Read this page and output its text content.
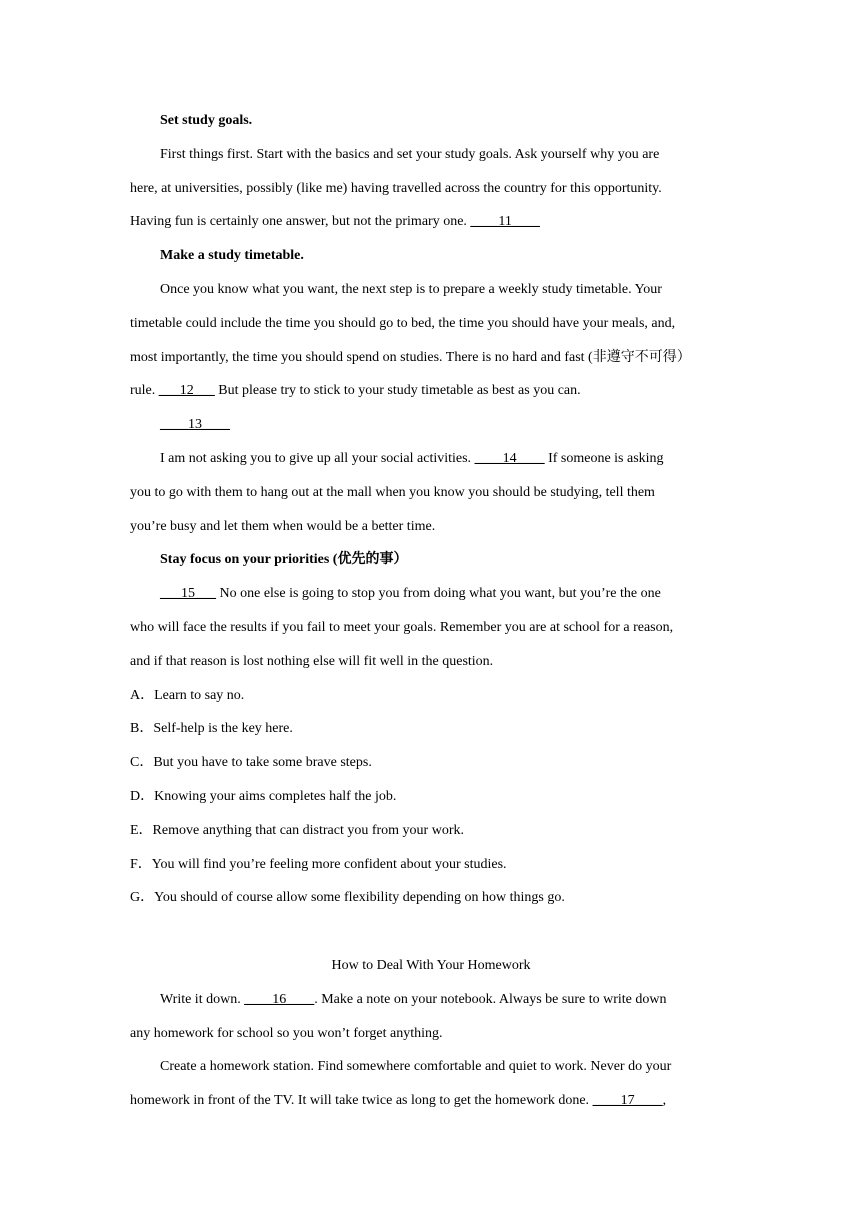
Set study goals.
First things first. Start with the basics and set your study goals. Ask yourself why you are
here, at universities, possibly (like me) having travelled across the country for this opportunity.
Having fun is certainly one answer, but not the primary one. ____11____
Make a study timetable.
Once you know what you want, the next step is to prepare a weekly study timetable. Your
timetable could include the time you should go to bed, the time you should have your meals, and,
most importantly, the time you should spend on studies. There is no hard and fast (非遵守不可得）
rule. ___12___ But please try to stick to your study timetable as best as you can.
____13____
I am not asking you to give up all your social activities. ____14____ If someone is asking
you to go with them to hang out at the mall when you know you should be studying, tell them
you’re busy and let them when would be a better time.
Stay focus on your priorities (优先的事）
___15___ No one else is going to stop you from doing what you want, but you’re the one
who will face the results if you fail to meet your goals. Remember you are at school for a reason,
and if that reason is lost nothing else will fit well in the question.
A．Learn to say no.
B．Self-help is the key here.
C．But you have to take some brave steps.
D．Knowing your aims completes half the job.
E．Remove anything that can distract you from your work.
F．You will find you’re feeling more confident about your studies.
G．You should of course allow some flexibility depending on how things go.
How to Deal With Your Homework
Write it down. ____16____. Make a note on your notebook. Always be sure to write down
any homework for school so you won’t forget anything.
Create a homework station. Find somewhere comfortable and quiet to work. Never do your
homework in front of the TV. It will take twice as long to get the homework done. ____17____,
